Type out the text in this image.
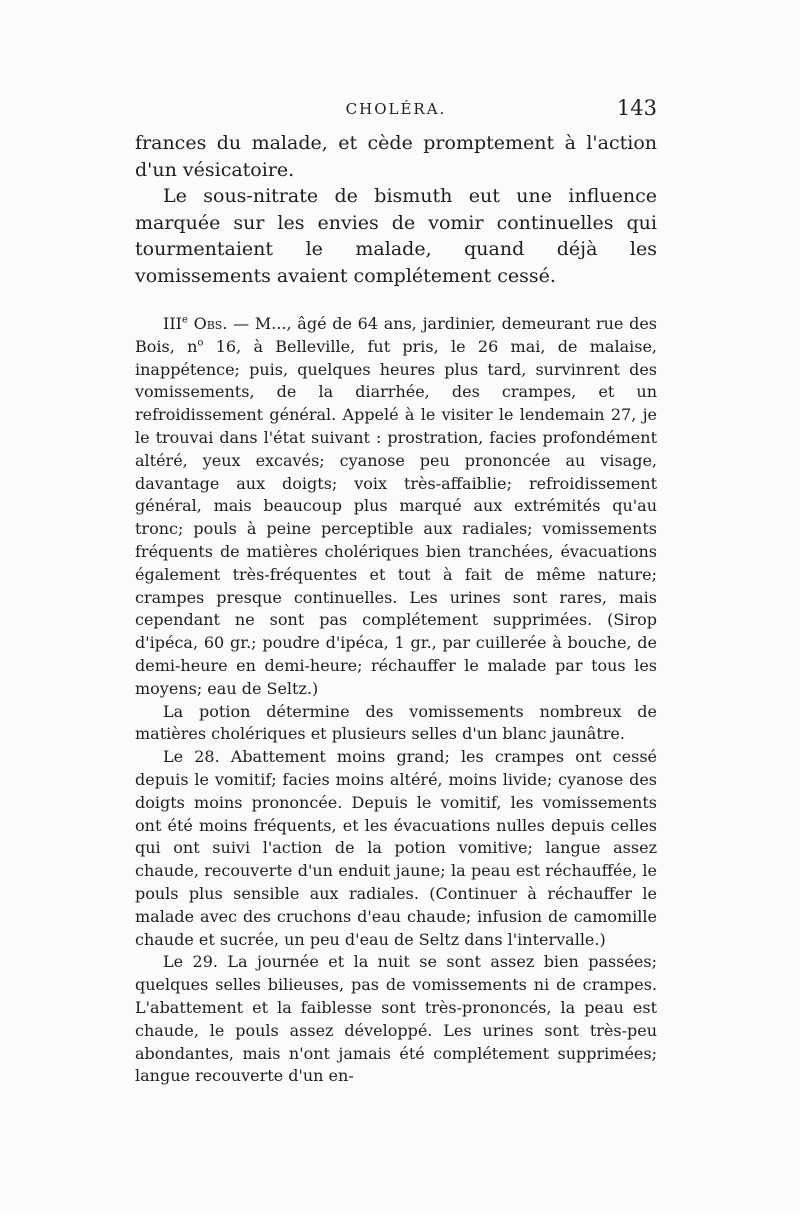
CHOLÉRA.	143

frances du malade, et cède promptement à l'action d'un vésicatoire.

Le sous-nitrate de bismuth eut une influence marquée sur les envies de vomir continuelles qui tourmentaient le malade, quand déjà les vomissements avaient complétement cessé.

IIIe Obs. — M..., âgé de 64 ans, jardinier, demeurant rue des Bois, $n^o$ 16, à Belleville, fut pris, le 26 mai, de malaise, inappétence; puis, quelques heures plus tard, survinrent des vomissements, de la diarrhée, des crampes, et un refroidissement général. Appelé à le visiter le lendemain 27, je le trouvai dans l'état suivant : prostration, facies profondément altéré, yeux excavés; cyanose peu prononcée au visage, davantage aux doigts; voix très-affaiblie; refroidissement général, mais beaucoup plus marqué aux extrémités qu'au tronc; pouls à peine perceptible aux radiales; vomissements fréquents de matières cholériques bien tranchées, évacuations également très-fréquentes et tout à fait de même nature; crampes presque continuelles. Les urines sont rares, mais cependant ne sont pas complétement supprimées. (Sirop d'ipéca, 60 gr.; poudre d'ipéca, 1 gr., par cuillerée à bouche, de demi-heure en demi-heure; réchauffer le malade par tous les moyens; eau de Seltz.)

La potion détermine des vomissements nombreux de matières cholériques et plusieurs selles d'un blanc jaunâtre.

Le 28. Abattement moins grand; les crampes ont cessé depuis le vomitif; facies moins altéré, moins livide; cyanose des doigts moins prononcée. Depuis le vomitif, les vomissements ont été moins fréquents, et les évacuations nulles depuis celles qui ont suivi l'action de la potion vomitive; langue assez chaude, recouverte d'un enduit jaune; la peau est réchauffée, le pouls plus sensible aux radiales. (Continuer à réchauffer le malade avec des cruchons d'eau chaude; infusion de camomille chaude et sucrée, un peu d'eau de Seltz dans l'intervalle.)

Le 29. La journée et la nuit se sont assez bien passées; quelques selles bilieuses, pas de vomissements ni de crampes. L'abattement et la faiblesse sont très-prononcés, la peau est chaude, le pouls assez développé. Les urines sont très-peu abondantes, mais n'ont jamais été complétement supprimées; langue recouverte d'un en-
